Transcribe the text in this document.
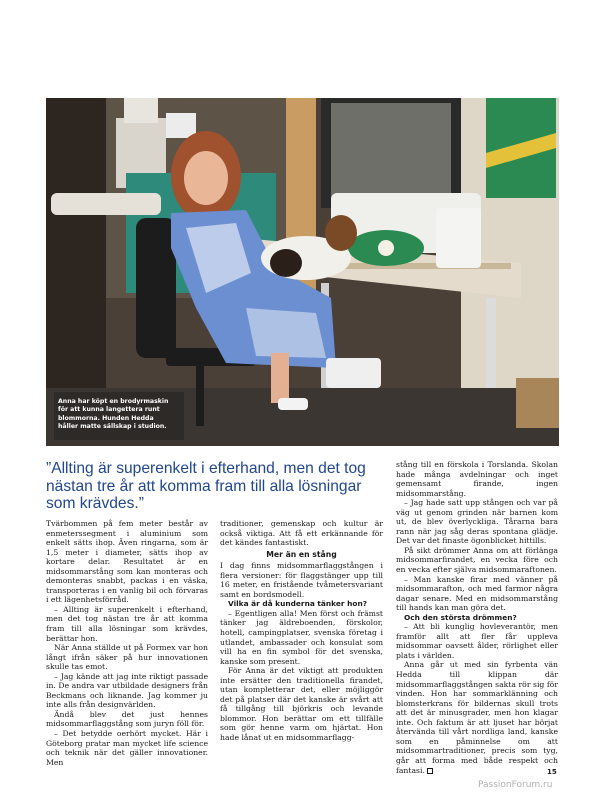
Anna har köpt en brodyrmaskin för att kunna langettera runt blommorna. Hunden Hedda håller matte sällskap i studion.
”Allting är superenkelt i efterhand, men det tog nästan tre år att komma fram till alla lösningar som krävdes.”

Tvärbommen på fem meter består av enmeterssegment i aluminium som enkelt sätts ihop. Även ringarna, som är 1,5 meter i diameter, sätts ihop av kortare delar. Resultatet är en midsommarstång som kan monteras och demonteras snabbt, packas i en väska, transporteras i en vanlig bil och förvaras i ett lägenhetsförråd.

– Allting är superenkelt i efterhand, men det tog nästan tre år att komma fram till alla lösningar som krävdes, berättar hon.

När Anna ställde ut på Formex var hon långt ifrån säker på hur innovationen skulle tas emot.

– Jag kände att jag inte riktigt passade in. De andra var utbildade designers från Beckmans och liknande. Jag kommer ju inte alls från designvärlden.

Ändå blev det just hennes midsommarflaggstång som juryn föll för.

– Det betydde oerhört mycket. Här i Göteborg pratar man mycket life science och teknik när det gäller innovationer. Men

traditioner, gemenskap och kultur är också viktiga. Att få ett erkännande för det kändes fantastiskt.

Mer än en stång

I dag finns midsommarflaggstången i flera versioner: för flaggstänger upp till 16 meter, en fristående tvåmetersvariant samt en bordsmodell.

Vilka är då kunderna tänker hon?

– Egentligen alla! Men först och främst tänker jag äldreboenden, förskolor, hotell, campingplatser, svenska företag i utlandet, ambassader och konsulat som vill ha en fin symbol för det svenska, kanske som present.

För Anna är det viktigt att produkten inte ersätter den traditionella firandet, utan kompletterar det, eller möjliggör det på platser där det kanske är svårt att få tillgång till björkris och levande blommor. Hon berättar om ett tillfälle som gör henne varm om hjärtat. Hon hade lånat ut en midsommarflagg-

stång till en förskola i Torslanda. Skolan hade många avdelningar och inget gemensamt firande, ingen midsommarstång.

– Jag hade satt upp stången och var på väg ut genom grinden när barnen kom ut, de blev överlyckliga. Tårarna bara rann när jag såg deras spontana glädje. Det var det finaste ögonblicket hittills.

På sikt drömmer Anna om att förlänga midsommarfirandet, en vecka före och en vecka efter själva midsommaraftonen.

– Man kanske firar med vänner på midsommarafton, och med farmor några dagar senare. Med en midsommarstång till hands kan man göra det.

Och den största drömmen?

– Att bli kunglig hovleverantör, men framför allt att fler får uppleva midsommar oavsett ålder, rörlighet eller plats i världen.

Anna går ut med sin fyrbenta vän Hedda till klippan där midsommarflaggstången sakta rör sig för vinden. Hon har sommarklänning och blomsterkrans för bildernas skull trots att det är minusgrader, men hon klagar inte. Och faktum är att ljuset har börjat återvända till vårt nordliga land, kanske som en påminnelse om att midsommartraditioner, precis som tyg, går att forma med både respekt och fantasi.	15
PassionForum.ru
